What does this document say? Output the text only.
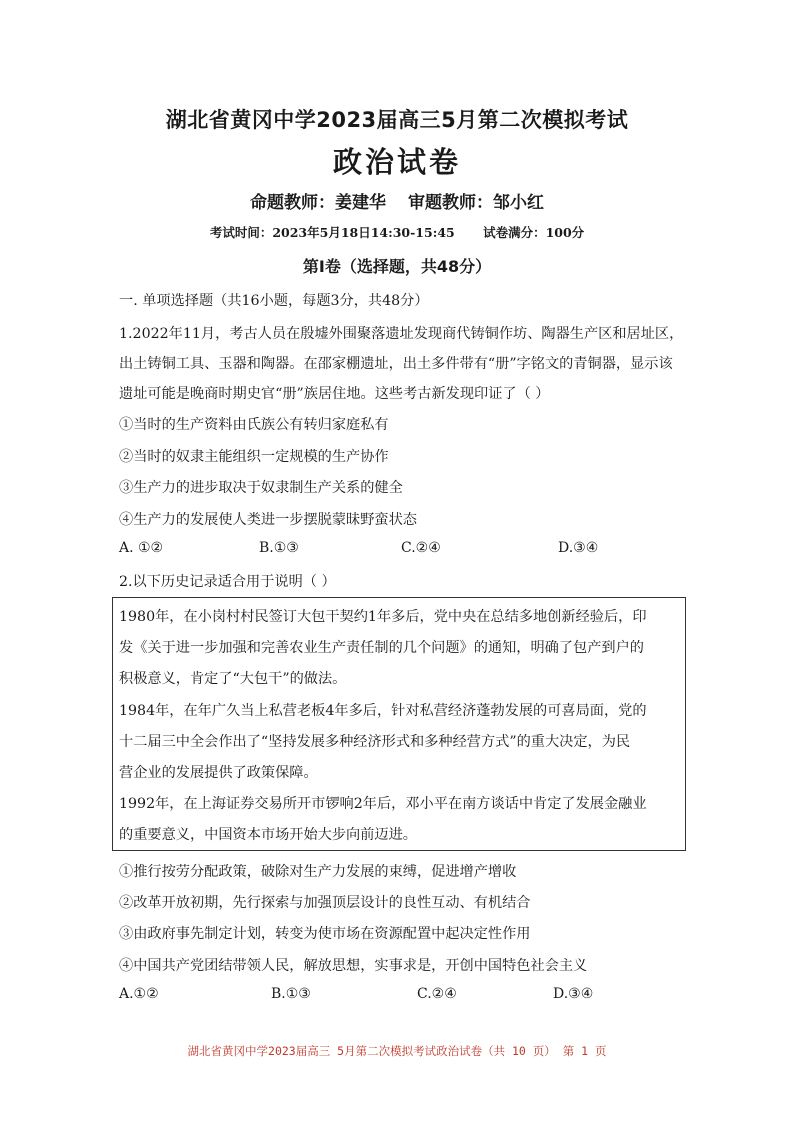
湖北省黄冈中学2023届高三5月第二次模拟考试
政治试卷
命题教师：姜建华 审题教师：邹小红
考试时间：2023年5月18日14:30-15:45 试卷满分：100分
第Ⅰ卷（选择题，共48分）
一. 单项选择题（共16小题，每题3分，共48分）
1.2022年11月，考古人员在殷墟外围聚落遗址发现商代铸铜作坊、陶器生产区和居址区，
出土铸铜工具、玉器和陶器。在邵家棚遗址，出土多件带有“册”字铭文的青铜器，显示该
遗址可能是晚商时期史官“册”族居住地。这些考古新发现印证了（ ）
①当时的生产资料由氏族公有转归家庭私有
②当时的奴隶主能组织一定规模的生产协作
③生产力的进步取决于奴隶制生产关系的健全
④生产力的发展使人类进一步摆脱蒙昧野蛮状态
A. ①②	B.①③	C.②④	D.③④
2.以下历史记录适合用于说明（ ）
1980年，在小岗村村民签订大包干契约1年多后，党中央在总结多地创新经验后，印
发《关于进一步加强和完善农业生产责任制的几个问题》的通知，明确了包产到户的
积极意义，肯定了“大包干”的做法。
1984年，在年广久当上私营老板4年多后，针对私营经济蓬勃发展的可喜局面，党的
十二届三中全会作出了“坚持发展多种经济形式和多种经营方式”的重大决定，为民
营企业的发展提供了政策保障。
1992年，在上海证券交易所开市锣响2年后，邓小平在南方谈话中肯定了发展金融业
的重要意义，中国资本市场开始大步向前迈进。
①推行按劳分配政策，破除对生产力发展的束缚，促进增产增收
②改革开放初期，先行探索与加强顶层设计的良性互动、有机结合
③由政府事先制定计划，转变为使市场在资源配置中起决定性作用
④中国共产党团结带领人民，解放思想，实事求是，开创中国特色社会主义
A.①②	B.①③	C.②④	D.③④
湖北省黄冈中学2023届高三 5月第二次模拟考试政治试卷（共 10 页） 第 1 页
